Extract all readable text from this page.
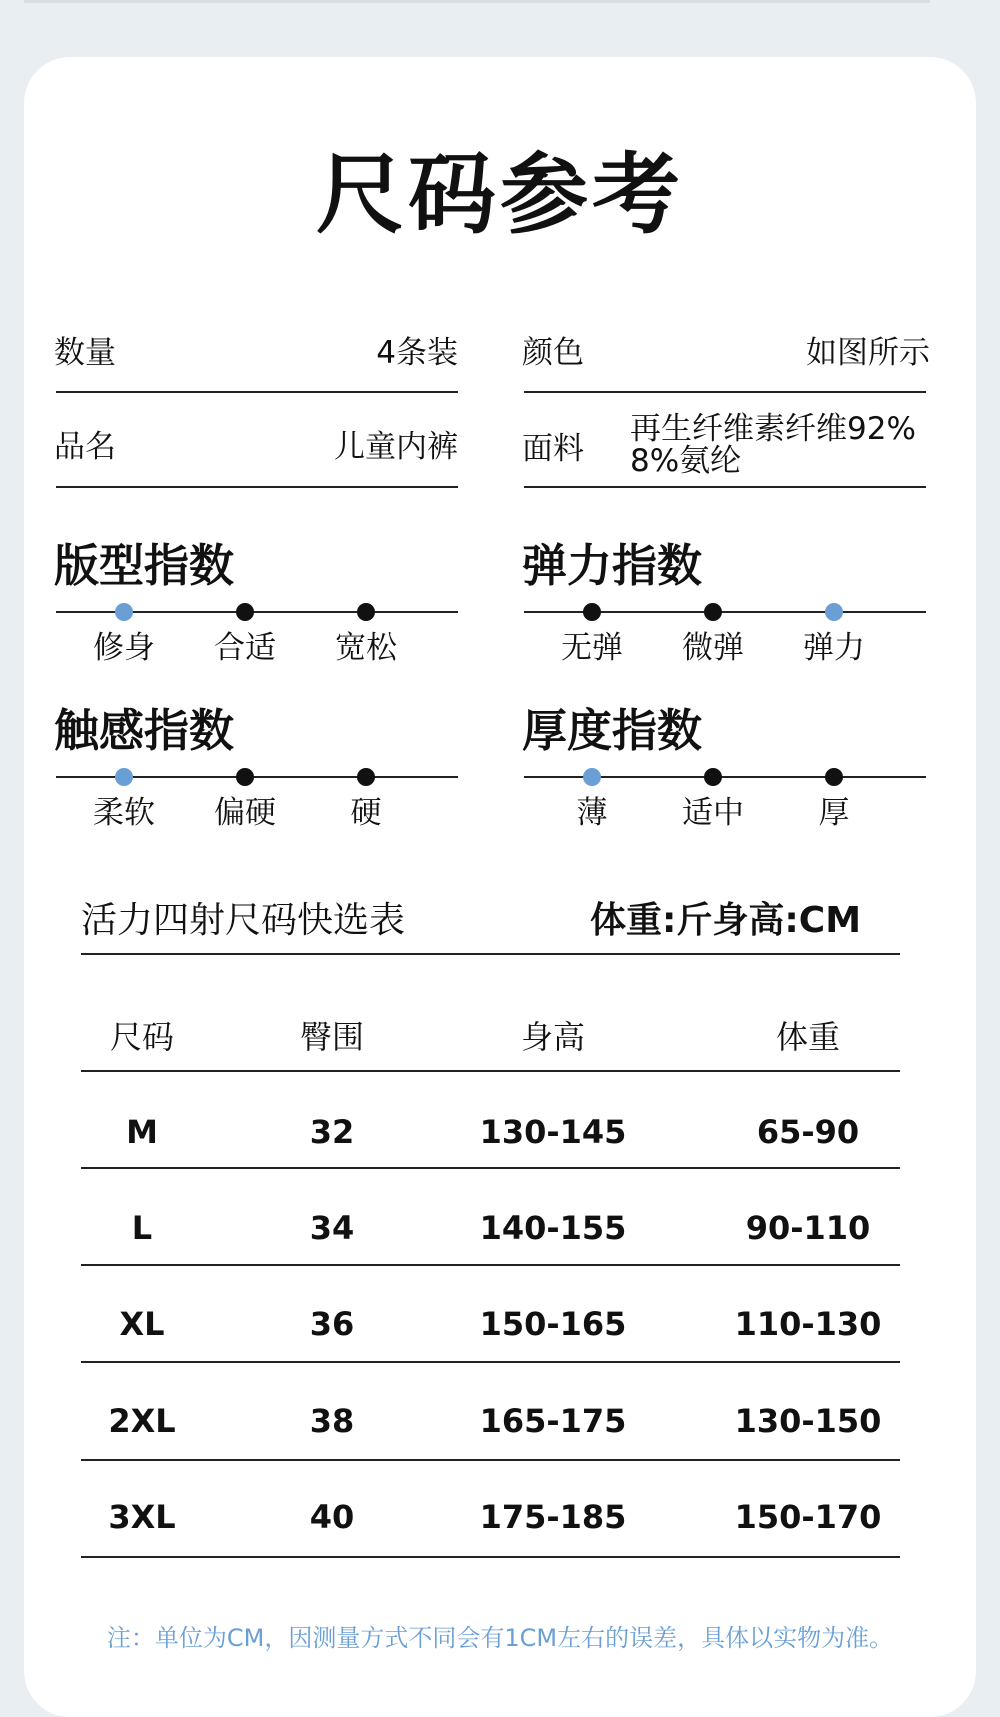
尺码参考
数量	4条装 颜色	如图所示
品名	儿童内裤 面料
再生纤维素纤维92%
8%氨纶
版型指数
修身	合适	宽松
弹力指数
无弹	微弹	弹力
触感指数
柔软	偏硬	硬
厚度指数
薄	适中	厚
活力四射尺码快选表	体重:斤身高:CM
尺码	臀围	身高	体重
M	32	130-145	65-90
L	34	140-155	90-110
XL	36	150-165	110-130
2XL	38	165-175	130-150
3XL	40	175-185	150-170
注：单位为CM，因测量方式不同会有1CM左右的误差，具体以实物为准。
